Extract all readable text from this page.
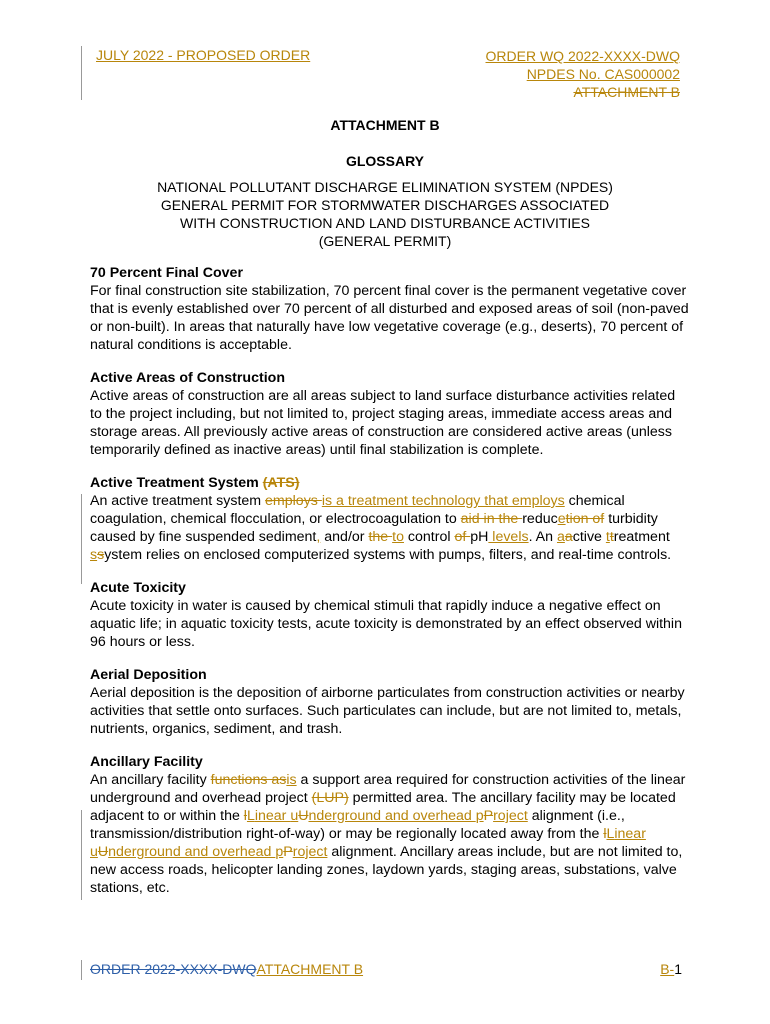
JULY 2022 - PROPOSED ORDER	ORDER WQ 2022-XXXX-DWQ
NPDES No. CAS000002
ATTACHMENT B
ATTACHMENT B
GLOSSARY
NATIONAL POLLUTANT DISCHARGE ELIMINATION SYSTEM (NPDES)
GENERAL PERMIT FOR STORMWATER DISCHARGES ASSOCIATED
WITH CONSTRUCTION AND LAND DISTURBANCE ACTIVITIES
(GENERAL PERMIT)
70 Percent Final Cover
For final construction site stabilization, 70 percent final cover is the permanent vegetative cover that is evenly established over 70 percent of all disturbed and exposed areas of soil (non-paved or non-built). In areas that naturally have low vegetative coverage (e.g., deserts), 70 percent of natural conditions is acceptable.
Active Areas of Construction
Active areas of construction are all areas subject to land surface disturbance activities related to the project including, but not limited to, project staging areas, immediate access areas and storage areas. All previously active areas of construction are considered active areas (unless temporarily defined as inactive areas) until final stabilization is complete.
Active Treatment System (ATS)
An active treatment system employs is a treatment technology that employs chemical coagulation, chemical flocculation, or electrocoagulation to aid in the reducetion of turbidity caused by fine suspended sediment, and/or the to control of pH levels. An aactive ttreatment ssystem relies on enclosed computerized systems with pumps, filters, and real-time controls.
Acute Toxicity
Acute toxicity in water is caused by chemical stimuli that rapidly induce a negative effect on aquatic life; in aquatic toxicity tests, acute toxicity is demonstrated by an effect observed within 96 hours or less.
Aerial Deposition
Aerial deposition is the deposition of airborne particulates from construction activities or nearby activities that settle onto surfaces. Such particulates can include, but are not limited to, metals, nutrients, organics, sediment, and trash.
Ancillary Facility
An ancillary facility functions asis a support area required for construction activities of the linear underground and overhead project (LUP) permitted area. The ancillary facility may be located adjacent to or within the lLinear uUnderground and overhead pProject alignment (i.e., transmission/distribution right-of-way) or may be regionally located away from the lLinear uUnderground and overhead pProject alignment. Ancillary areas include, but are not limited to, new access roads, helicopter landing zones, laydown yards, staging areas, substations, valve stations, etc.
ORDER 2022-XXXX-DWQATTACHMENT B	B-1
